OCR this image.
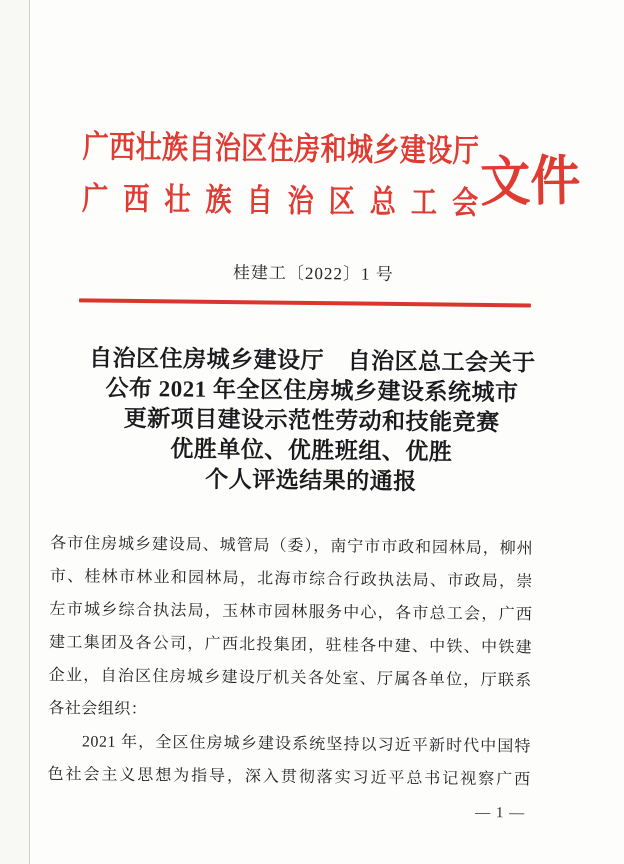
广西壮族自治区住房和城乡建设厅
广西壮族自治区总工会 文件
桂建工〔2022〕1 号
自治区住房城乡建设厅　自治区总工会关于
公布 2021 年全区住房城乡建设系统城市
更新项目建设示范性劳动和技能竞赛
优胜单位、优胜班组、优胜
个人评选结果的通报
各市住房城乡建设局、城管局（委），南宁市市政和园林局，柳州
市、桂林市林业和园林局，北海市综合行政执法局、市政局，崇
左市城乡综合执法局，玉林市园林服务中心，各市总工会，广西
建工集团及各公司，广西北投集团，驻桂各中建、中铁、中铁建
企业，自治区住房城乡建设厅机关各处室、厅属各单位，厅联系
各社会组织：
2021 年，全区住房城乡建设系统坚持以习近平新时代中国特
色社会主义思想为指导，深入贯彻落实习近平总书记视察广西
— 1 —
